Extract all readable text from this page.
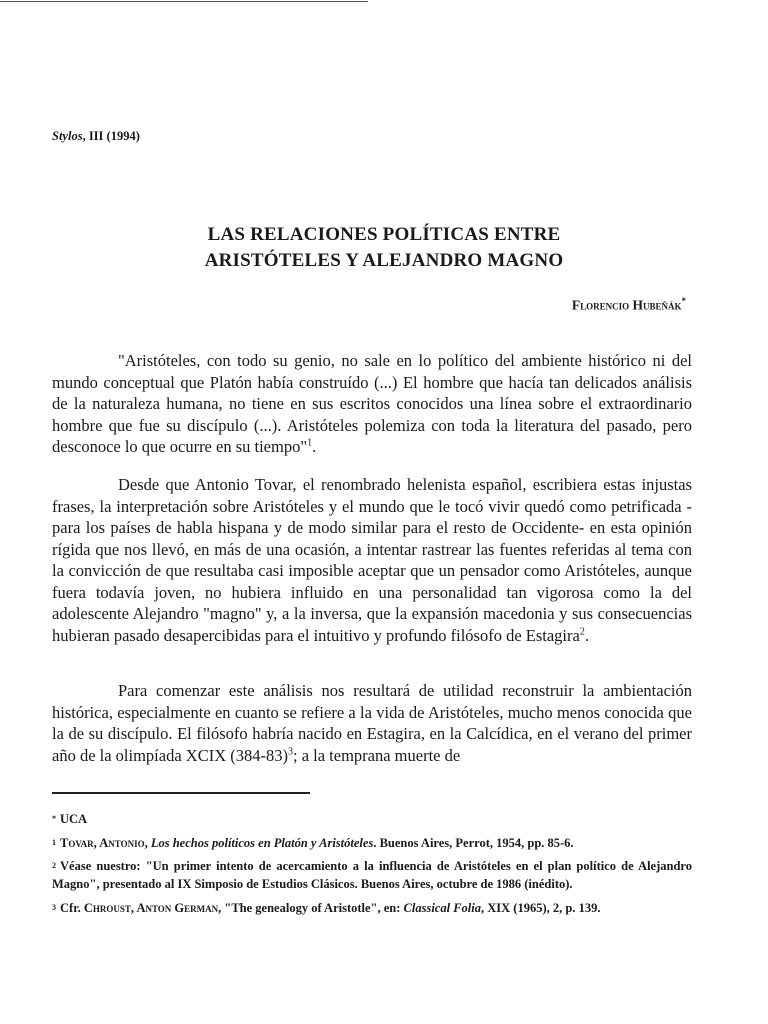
Stylos, III (1994)
LAS RELACIONES POLÍTICAS ENTRE
ARISTÓTELES Y ALEJANDRO MAGNO
Florencio Hubeñák*

"Aristóteles, con todo su genio, no sale en lo político del ambiente histórico ni del mundo conceptual que Platón había construído (...) El hombre que hacía tan delicados análisis de la naturaleza humana, no tiene en sus escritos conocidos una línea sobre el extraordinario hombre que fue su discípulo (...). Aristóteles polemiza con toda la literatura del pasado, pero desconoce lo que ocurre en su tiempo"$^1$.

Desde que Antonio Tovar, el renombrado helenista español, escribiera estas injustas frases, la interpretación sobre Aristóteles y el mundo que le tocó vivir quedó como petrificada -para los países de habla hispana y de modo similar para el resto de Occidente- en esta opinión rígida que nos llevó, en más de una ocasión, a intentar rastrear las fuentes referidas al tema con la convicción de que resultaba casi imposible aceptar que un pensador como Aristóteles, aunque fuera todavía joven, no hubiera influido en una personalidad tan vigorosa como la del adolescente Alejandro "magno" y, a la inversa, que la expansión macedonia y sus consecuencias hubieran pasado desapercibidas para el intuitivo y profundo filósofo de Estagira$^2$.

Para comenzar este análisis nos resultará de utilidad reconstruir la ambientación histórica, especialmente en cuanto se refiere a la vida de Aristóteles, mucho menos conocida que la de su discípulo. El filósofo habría nacido en Estagira, en la Calcídica, en el verano del primer año de la olimpíada XCIX $(384-83)^3$; a la temprana muerte de

* UCA
$^1$ Tovar, Antonio, Los hechos políticos en Platón y Aristóteles. Buenos Aires, Perrot, 1954, pp. 85-6.
$^2$ Véase nuestro: "Un primer intento de acercamiento a la influencia de Aristóteles en el plan político de Alejandro Magno", presentado al IX Simposio de Estudios Clásicos. Buenos Aires, octubre de 1986 (inédito).
$^3$ Cfr. Chroust, Anton German, "The genealogy of Aristotle", en: Classical Folia, XIX (1965), 2, p. 139.
